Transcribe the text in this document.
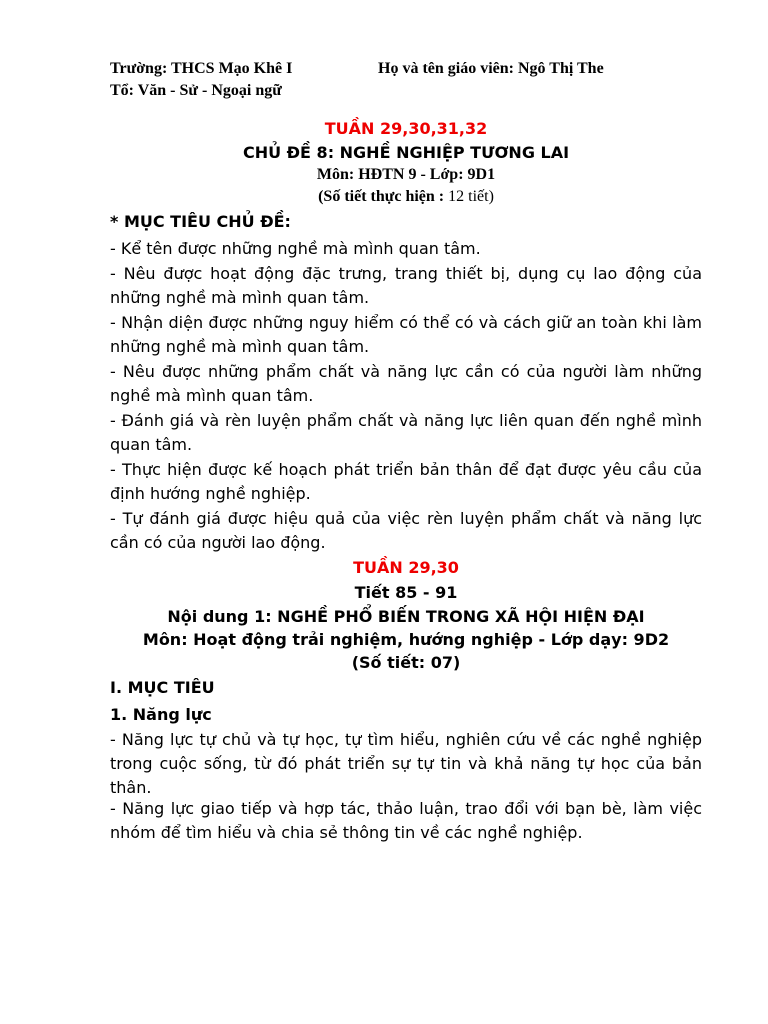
Trường: THCS Mạo Khê I
Tổ: Văn - Sử - Ngoại ngữ
Họ và tên giáo viên: Ngô Thị The
TUẦN 29,30,31,32
CHỦ ĐỀ 8: NGHỀ NGHIỆP TƯƠNG LAI
Môn: HĐTN 9 - Lớp: 9D1
(Số tiết thực hiện : 12 tiết)
* MỤC TIÊU CHỦ ĐỀ:
- Kể tên được những nghề mà mình quan tâm.
- Nêu được hoạt động đặc trưng, trang thiết bị, dụng cụ lao động của những nghề mà mình quan tâm.
- Nhận diện được những nguy hiểm có thể có và cách giữ an toàn khi làm những nghề mà mình quan tâm.
- Nêu được những phẩm chất và năng lực cần có của người làm những nghề mà mình quan tâm.
- Đánh giá và rèn luyện phẩm chất và năng lực liên quan đến nghề mình quan tâm.
- Thực hiện được kế hoạch phát triển bản thân để đạt được yêu cầu của định hướng nghề nghiệp.
- Tự đánh giá được hiệu quả của việc rèn luyện phẩm chất và năng lực cần có của người lao động.
TUẦN 29,30
Tiết 85 - 91
Nội dung 1: NGHỀ PHỔ BIẾN TRONG XÃ HỘI HIỆN ĐẠI
Môn: Hoạt động trải nghiệm, hướng nghiệp - Lớp dạy: 9D2
(Số tiết: 07)
I. MỤC TIÊU
1. Năng lực
- Năng lực tự chủ và tự học, tự tìm hiểu, nghiên cứu về các nghề nghiệp trong cuộc sống, từ đó phát triển sự tự tin và khả năng tự học của bản thân.
- Năng lực giao tiếp và hợp tác, thảo luận, trao đổi với bạn bè, làm việc nhóm để tìm hiểu và chia sẻ thông tin về các nghề nghiệp.
